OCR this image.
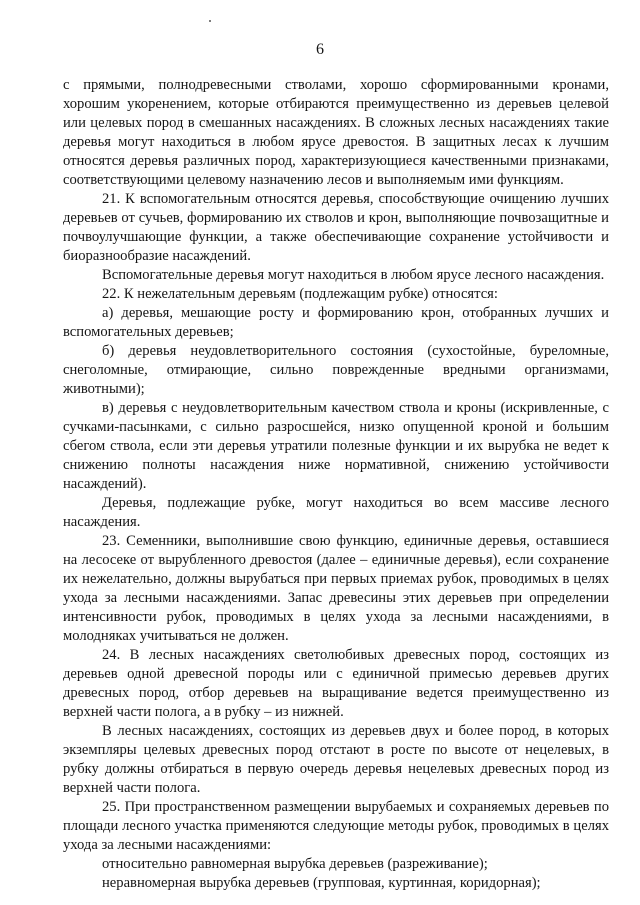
6

с прямыми, полнодревесными стволами, хорошо сформированными кронами, хорошим укоренением, которые отбираются преимущественно из деревьев целевой или целевых пород в смешанных насаждениях. В сложных лесных насаждениях такие деревья могут находиться в любом ярусе древостоя. В защитных лесах к лучшим относятся деревья различных пород, характеризующиеся качественными признаками, соответствующими целевому назначению лесов и выполняемым ими функциям.

21. К вспомогательным относятся деревья, способствующие очищению лучших деревьев от сучьев, формированию их стволов и крон, выполняющие почвозащитные и почвоулучшающие функции, а также обеспечивающие сохранение устойчивости и биоразнообразие насаждений.

Вспомогательные деревья могут находиться в любом ярусе лесного насаждения.

22. К нежелательным деревьям (подлежащим рубке) относятся:

а) деревья, мешающие росту и формированию крон, отобранных лучших и вспомогательных деревьев;

б) деревья неудовлетворительного состояния (сухостойные, буреломные, снеголомные, отмирающие, сильно поврежденные вредными организмами, животными);

в) деревья с неудовлетворительным качеством ствола и кроны (искривленные, с сучками-пасынками, с сильно разросшейся, низко опущенной кроной и большим сбегом ствола, если эти деревья утратили полезные функции и их вырубка не ведет к снижению полноты насаждения ниже нормативной, снижению устойчивости насаждений).

Деревья, подлежащие рубке, могут находиться во всем массиве лесного насаждения.

23. Семенники, выполнившие свою функцию, единичные деревья, оставшиеся на лесосеке от вырубленного древостоя (далее – единичные деревья), если сохранение их нежелательно, должны вырубаться при первых приемах рубок, проводимых в целях ухода за лесными насаждениями. Запас древесины этих деревьев при определении интенсивности рубок, проводимых в целях ухода за лесными насаждениями, в молодняках учитываться не должен.

24. В лесных насаждениях светолюбивых древесных пород, состоящих из деревьев одной древесной породы или с единичной примесью деревьев других древесных пород, отбор деревьев на выращивание ведется преимущественно из верхней части полога, а в рубку – из нижней.

В лесных насаждениях, состоящих из деревьев двух и более пород, в которых экземпляры целевых древесных пород отстают в росте по высоте от нецелевых, в рубку должны отбираться в первую очередь деревья нецелевых древесных пород из верхней части полога.

25. При пространственном размещении вырубаемых и сохраняемых деревьев по площади лесного участка применяются следующие методы рубок, проводимых в целях ухода за лесными насаждениями:

относительно равномерная вырубка деревьев (разреживание);

неравномерная вырубка деревьев (групповая, куртинная, коридорная);
